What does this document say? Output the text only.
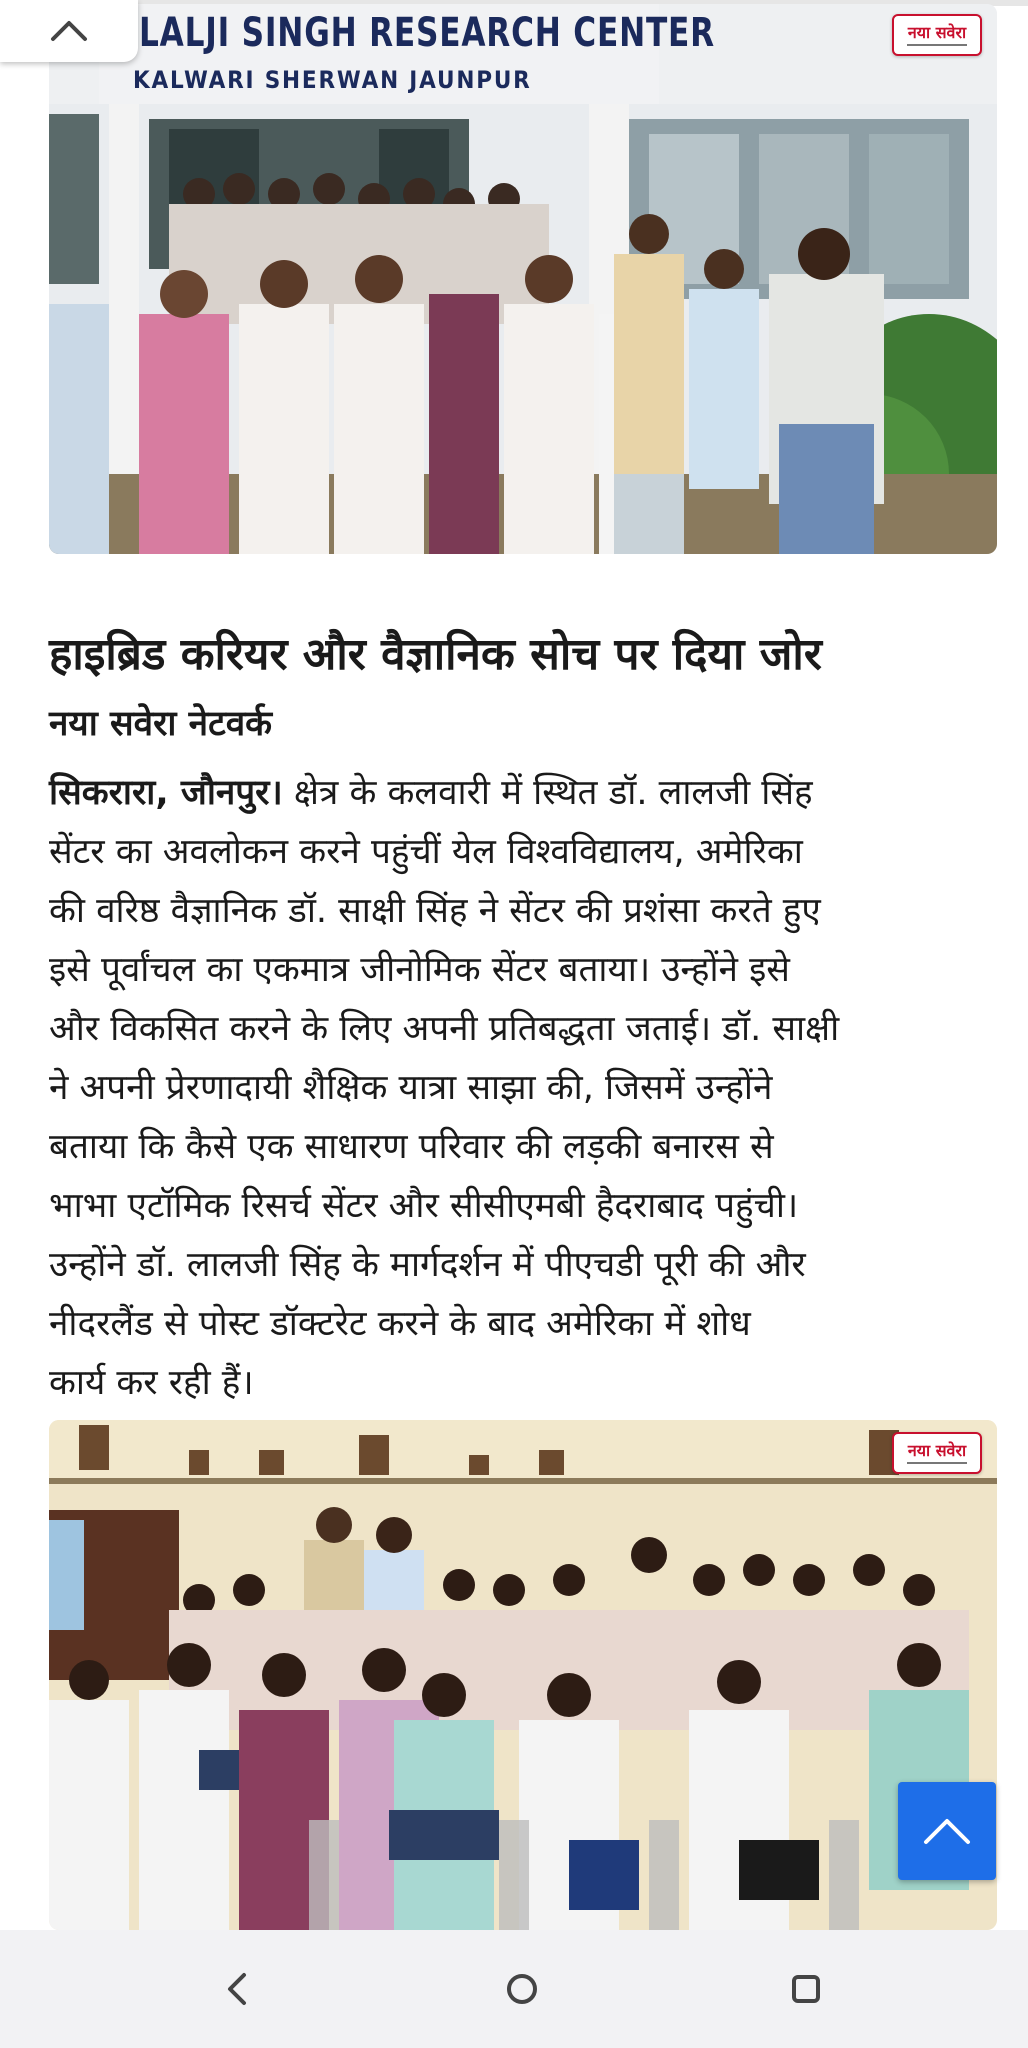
LALJI SINGH RESEARCH CENTER
KALWARI SHERWAN JAUNPUR
नया सवेरा
हाइब्रिड करियर और वैज्ञानिक सोच पर दिया जोर
नया सवेरा नेटवर्क
सिकरारा, जौनपुर। क्षेत्र के कलवारी में स्थित डॉ. लालजी सिंह
सेंटर का अवलोकन करने पहुंचीं येल विश्वविद्यालय, अमेरिका
की वरिष्ठ वैज्ञानिक डॉ. साक्षी सिंह ने सेंटर की प्रशंसा करते हुए
इसे पूर्वांचल का एकमात्र जीनोमिक सेंटर बताया। उन्होंने इसे
और विकसित करने के लिए अपनी प्रतिबद्धता जताई। डॉ. साक्षी
ने अपनी प्रेरणादायी शैक्षिक यात्रा साझा की, जिसमें उन्होंने
बताया कि कैसे एक साधारण परिवार की लड़की बनारस से
भाभा एटॉमिक रिसर्च सेंटर और सीसीएमबी हैदराबाद पहुंची।
उन्होंने डॉ. लालजी सिंह के मार्गदर्शन में पीएचडी पूरी की और
नीदरलैंड से पोस्ट डॉक्टरेट करने के बाद अमेरिका में शोध
कार्य कर रही हैं।
नया सवेरा
